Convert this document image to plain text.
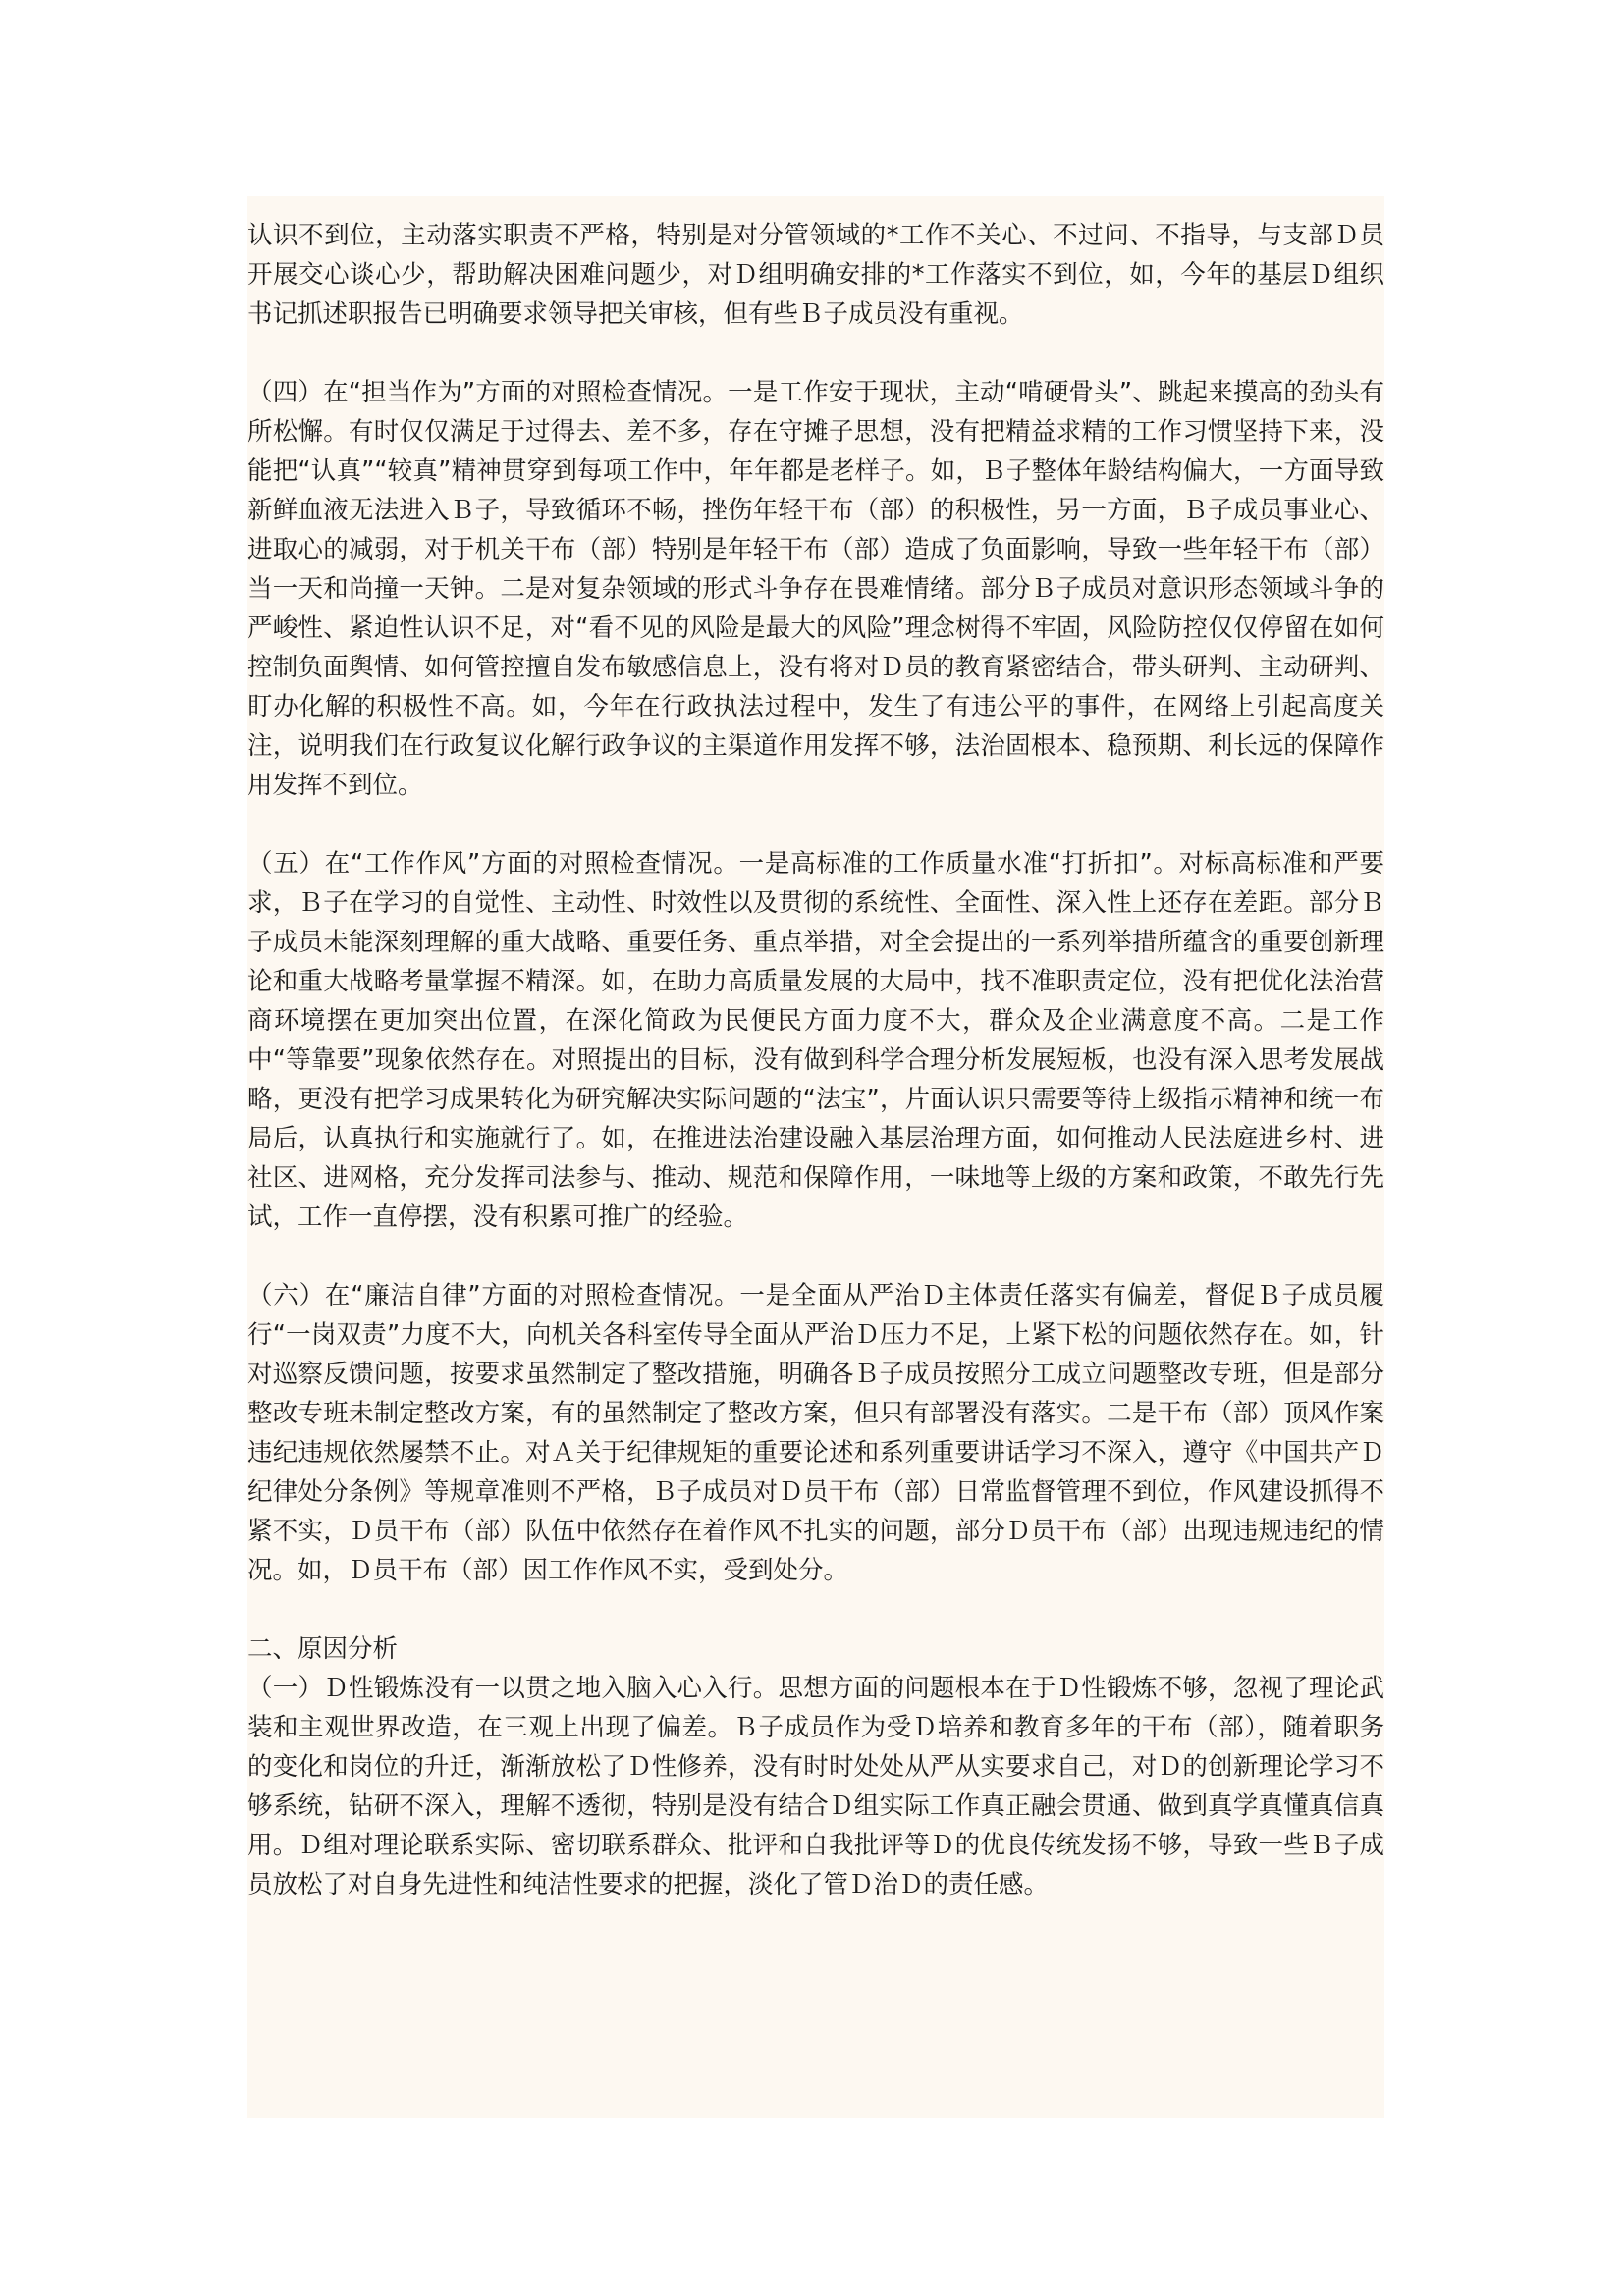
认识不到位，主动落实职责不严格，特别是对分管领域的*工作不关心、不过问、不指导，与支部Ｄ员开展交心谈心少，帮助解决困难问题少，对Ｄ组明确安排的*工作落实不到位，如，今年的基层Ｄ组织书记抓述职报告已明确要求领导把关审核，但有些Ｂ子成员没有重视。

（四）在“担当作为”方面的对照检查情况。一是工作安于现状，主动“啃硬骨头”、跳起来摸高的劲头有所松懈。有时仅仅满足于过得去、差不多，存在守摊子思想，没有把精益求精的工作习惯坚持下来，没能把“认真”“较真”精神贯穿到每项工作中，年年都是老样子。如，Ｂ子整体年龄结构偏大，一方面导致新鲜血液无法进入Ｂ子，导致循环不畅，挫伤年轻干布（部）的积极性，另一方面，Ｂ子成员事业心、进取心的减弱，对于机关干布（部）特别是年轻干布（部）造成了负面影响，导致一些年轻干布（部）当一天和尚撞一天钟。二是对复杂领域的形式斗争存在畏难情绪。部分Ｂ子成员对意识形态领域斗争的严峻性、紧迫性认识不足，对“看不见的风险是最大的风险”理念树得不牢固，风险防控仅仅停留在如何控制负面舆情、如何管控擅自发布敏感信息上，没有将对Ｄ员的教育紧密结合，带头研判、主动研判、盯办化解的积极性不高。如，今年在行政执法过程中，发生了有违公平的事件，在网络上引起高度关注，说明我们在行政复议化解行政争议的主渠道作用发挥不够，法治固根本、稳预期、利长远的保障作用发挥不到位。

（五）在“工作作风”方面的对照检查情况。一是高标准的工作质量水准“打折扣”。对标高标准和严要求，Ｂ子在学习的自觉性、主动性、时效性以及贯彻的系统性、全面性、深入性上还存在差距。部分Ｂ子成员未能深刻理解的重大战略、重要任务、重点举措，对全会提出的一系列举措所蕴含的重要创新理论和重大战略考量掌握不精深。如，在助力高质量发展的大局中，找不准职责定位，没有把优化法治营商环境摆在更加突出位置，在深化简政为民便民方面力度不大，群众及企业满意度不高。二是工作中“等靠要”现象依然存在。对照提出的目标，没有做到科学合理分析发展短板，也没有深入思考发展战略，更没有把学习成果转化为研究解决实际问题的“法宝”，片面认识只需要等待上级指示精神和统一布局后，认真执行和实施就行了。如，在推进法治建设融入基层治理方面，如何推动人民法庭进乡村、进社区、进网格，充分发挥司法参与、推动、规范和保障作用，一味地等上级的方案和政策，不敢先行先试，工作一直停摆，没有积累可推广的经验。

（六）在“廉洁自律”方面的对照检查情况。一是全面从严治Ｄ主体责任落实有偏差，督促Ｂ子成员履行“一岗双责”力度不大，向机关各科室传导全面从严治Ｄ压力不足，上紧下松的问题依然存在。如，针对巡察反馈问题，按要求虽然制定了整改措施，明确各Ｂ子成员按照分工成立问题整改专班，但是部分整改专班未制定整改方案，有的虽然制定了整改方案，但只有部署没有落实。二是干布（部）顶风作案违纪违规依然屡禁不止。对Ａ关于纪律规矩的重要论述和系列重要讲话学习不深入，遵守《中国共产Ｄ纪律处分条例》等规章准则不严格，Ｂ子成员对Ｄ员干布（部）日常监督管理不到位，作风建设抓得不紧不实，Ｄ员干布（部）队伍中依然存在着作风不扎实的问题，部分Ｄ员干布（部）出现违规违纪的情况。如，Ｄ员干布（部）因工作作风不实，受到处分。

二、原因分析

（一）Ｄ性锻炼没有一以贯之地入脑入心入行。思想方面的问题根本在于Ｄ性锻炼不够，忽视了理论武装和主观世界改造，在三观上出现了偏差。Ｂ子成员作为受Ｄ培养和教育多年的干布（部），随着职务的变化和岗位的升迁，渐渐放松了Ｄ性修养，没有时时处处从严从实要求自己，对Ｄ的创新理论学习不够系统，钻研不深入，理解不透彻，特别是没有结合Ｄ组实际工作真正融会贯通、做到真学真懂真信真用。Ｄ组对理论联系实际、密切联系群众、批评和自我批评等Ｄ的优良传统发扬不够，导致一些Ｂ子成员放松了对自身先进性和纯洁性要求的把握，淡化了管Ｄ治Ｄ的责任感。
